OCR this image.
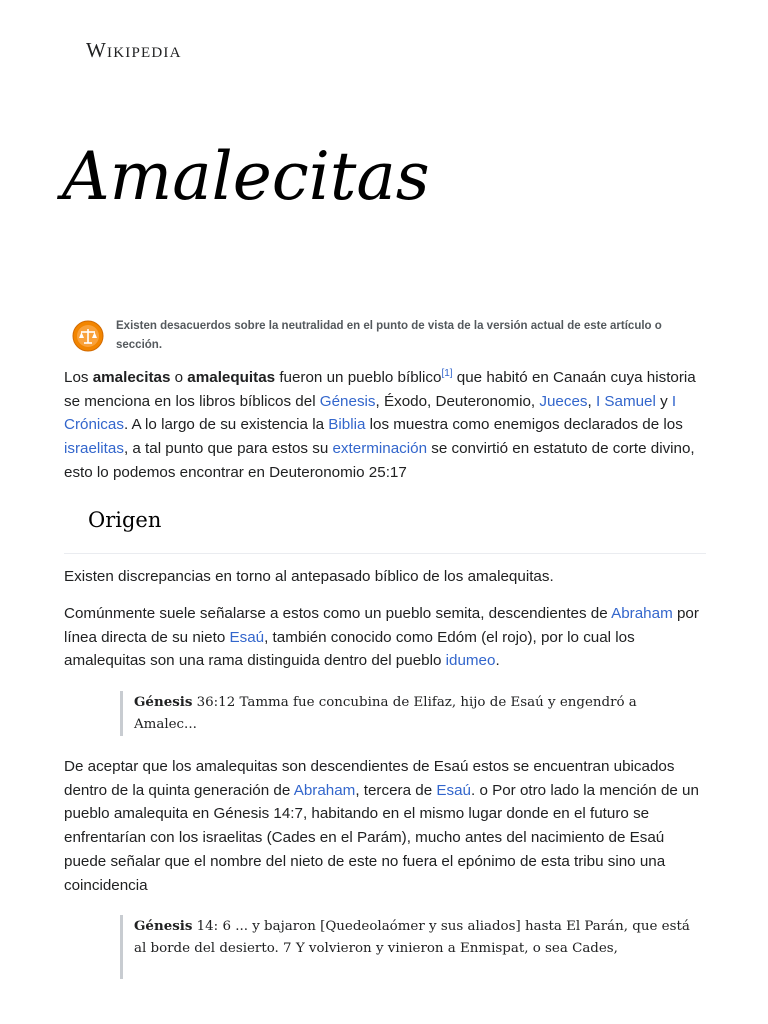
Wikipedia
Amalecitas
Existen desacuerdos sobre la neutralidad en el punto de vista de la versión actual de este artículo o sección.

Los amalecitas o amalequitas fueron un pueblo bíblico[1] que habitó en Canaán cuya historia se menciona en los libros bíblicos del Génesis, Éxodo, Deuteronomio, Jueces, I Samuel y I Crónicas. A lo largo de su existencia la Biblia los muestra como enemigos declarados de los israelitas, a tal punto que para estos su exterminación se convirtió en estatuto de corte divino, esto lo podemos encontrar en Deuteronomio 25:17

Origen

Existen discrepancias en torno al antepasado bíblico de los amalequitas.

Comúnmente suele señalarse a estos como un pueblo semita, descendientes de Abraham por línea directa de su nieto Esaú, también conocido como Edóm (el rojo), por lo cual los amalequitas son una rama distinguida dentro del pueblo idumeo.

Génesis 36:12 Tamma fue concubina de Elifaz, hijo de Esaú y engendró a Amalec...

De aceptar que los amalequitas son descendientes de Esaú estos se encuentran ubicados dentro de la quinta generación de Abraham, tercera de Esaú. o Por otro lado la mención de un pueblo amalequita en Génesis 14:7, habitando en el mismo lugar donde en el futuro se enfrentarían con los israelitas (Cades en el Parám), mucho antes del nacimiento de Esaú puede señalar que el nombre del nieto de este no fuera el epónimo de esta tribu sino una coincidencia

Génesis 14: 6 ... y bajaron [Quedeolaómer y sus aliados] hasta El Parán, que está al borde del desierto. 7 Y volvieron y vinieron a Enmispat, o sea Cades,
